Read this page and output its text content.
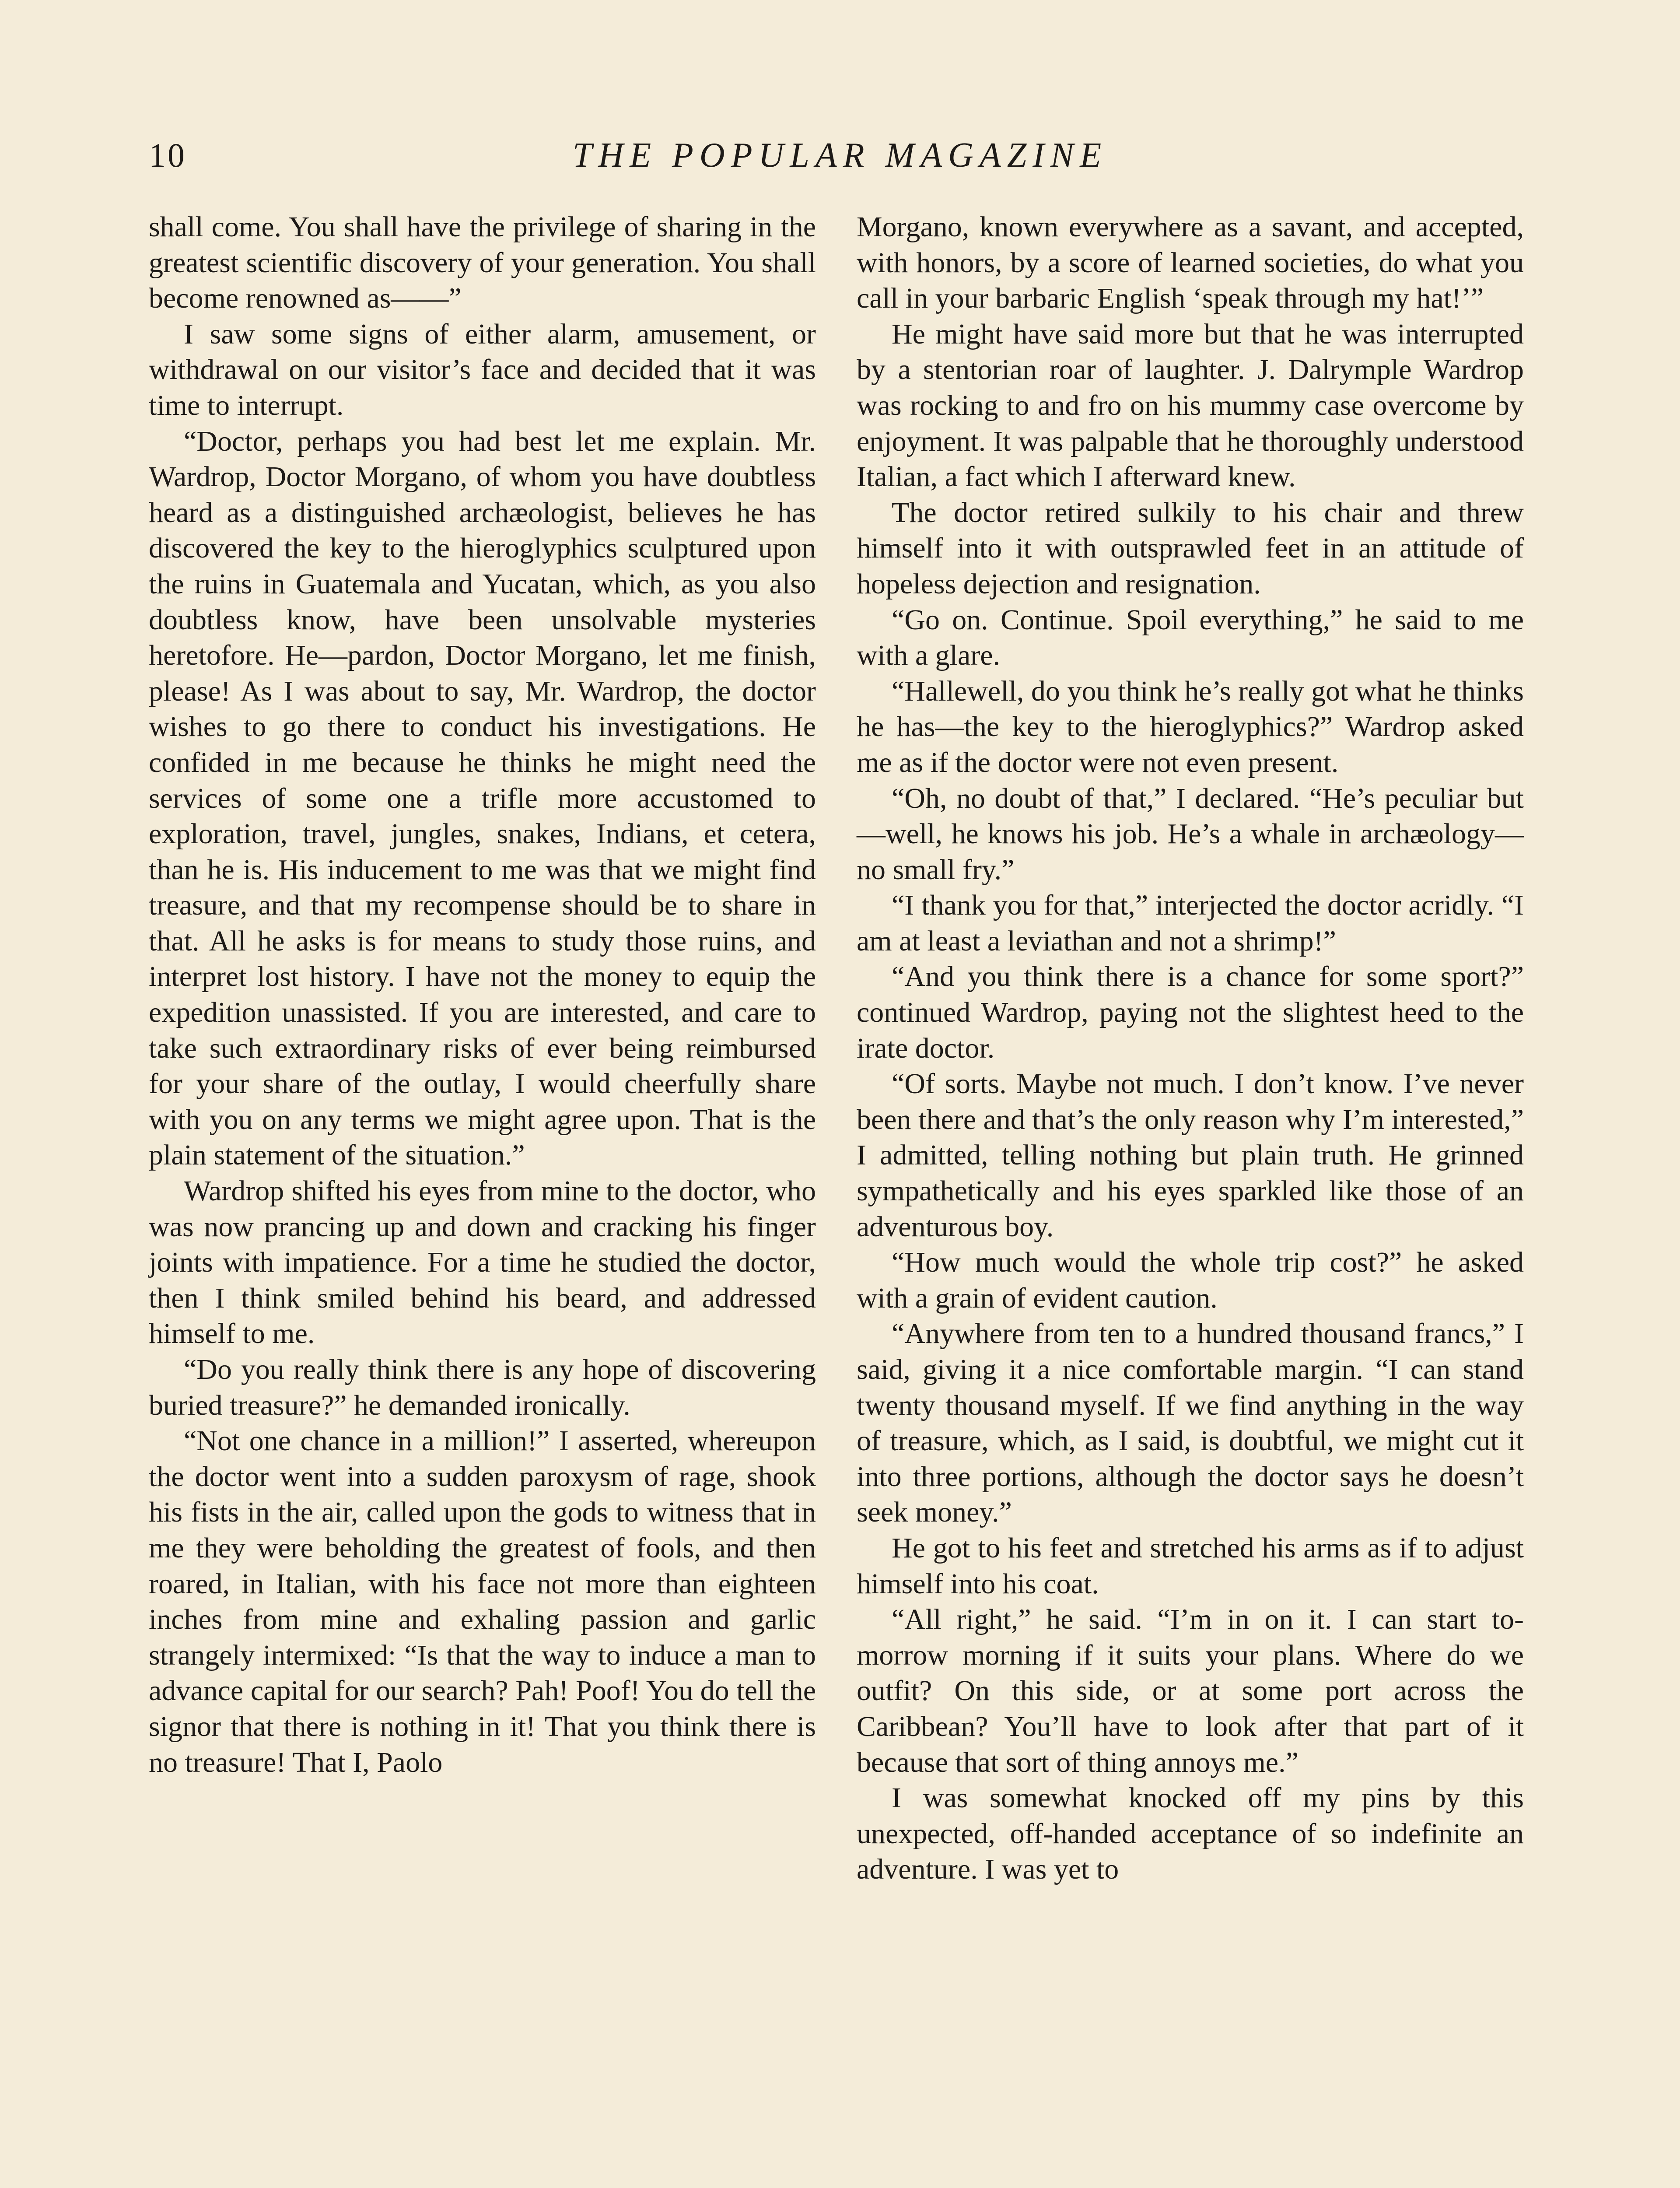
10	THE POPULAR MAGAZINE

shall come. You shall have the privilege of sharing in the greatest scientific discovery of your generation. You shall become renowned as——”

I saw some signs of either alarm, amusement, or withdrawal on our visitor’s face and decided that it was time to interrupt.

“Doctor, perhaps you had best let me explain. Mr. Wardrop, Doctor Morgano, of whom you have doubtless heard as a distinguished archæologist, believes he has discovered the key to the hieroglyphics sculptured upon the ruins in Guatemala and Yucatan, which, as you also doubtless know, have been unsolvable mysteries heretofore. He—pardon, Doctor Morgano, let me finish, please! As I was about to say, Mr. Wardrop, the doctor wishes to go there to conduct his investigations. He confided in me because he thinks he might need the services of some one a trifle more accustomed to exploration, travel, jungles, snakes, Indians, et cetera, than he is. His inducement to me was that we might find treasure, and that my recompense should be to share in that. All he asks is for means to study those ruins, and interpret lost history. I have not the money to equip the expedition unassisted. If you are interested, and care to take such extraordinary risks of ever being reimbursed for your share of the outlay, I would cheerfully share with you on any terms we might agree upon. That is the plain statement of the situation.”

Wardrop shifted his eyes from mine to the doctor, who was now prancing up and down and cracking his finger joints with impatience. For a time he studied the doctor, then I think smiled behind his beard, and addressed himself to me.

“Do you really think there is any hope of discovering buried treasure?” he demanded ironically.

“Not one chance in a million!” I asserted, whereupon the doctor went into a sudden paroxysm of rage, shook his fists in the air, called upon the gods to witness that in me they were beholding the greatest of fools, and then roared, in Italian, with his face not more than eighteen inches from mine and exhaling passion and garlic strangely intermixed: “Is that the way to induce a man to advance capital for our search? Pah! Poof! You do tell the signor that there is nothing in it! That you think there is no treasure! That I, Paolo

Morgano, known everywhere as a savant, and accepted, with honors, by a score of learned societies, do what you call in your barbaric English ‘speak through my hat!’”

He might have said more but that he was interrupted by a stentorian roar of laughter. J. Dalrymple Wardrop was rocking to and fro on his mummy case overcome by enjoyment. It was palpable that he thoroughly understood Italian, a fact which I afterward knew.

The doctor retired sulkily to his chair and threw himself into it with outsprawled feet in an attitude of hopeless dejection and resignation.

“Go on. Continue. Spoil everything,” he said to me with a glare.

“Hallewell, do you think he’s really got what he thinks he has—the key to the hieroglyphics?” Wardrop asked me as if the doctor were not even present.

“Oh, no doubt of that,” I declared. “He’s peculiar but—well, he knows his job. He’s a whale in archæology—no small fry.”

“I thank you for that,” interjected the doctor acridly. “I am at least a leviathan and not a shrimp!”

“And you think there is a chance for some sport?” continued Wardrop, paying not the slightest heed to the irate doctor.

“Of sorts. Maybe not much. I don’t know. I’ve never been there and that’s the only reason why I’m interested,” I admitted, telling nothing but plain truth. He grinned sympathetically and his eyes sparkled like those of an adventurous boy.

“How much would the whole trip cost?” he asked with a grain of evident caution.

“Anywhere from ten to a hundred thousand francs,” I said, giving it a nice comfortable margin. “I can stand twenty thousand myself. If we find anything in the way of treasure, which, as I said, is doubtful, we might cut it into three portions, although the doctor says he doesn’t seek money.”

He got to his feet and stretched his arms as if to adjust himself into his coat.

“All right,” he said. “I’m in on it. I can start to-morrow morning if it suits your plans. Where do we outfit? On this side, or at some port across the Caribbean? You’ll have to look after that part of it because that sort of thing annoys me.”

I was somewhat knocked off my pins by this unexpected, off-handed acceptance of so indefinite an adventure. I was yet to
